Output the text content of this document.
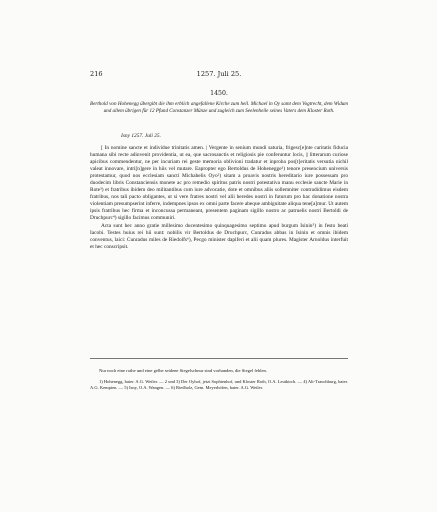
216	1257. Juli 25.
1450.
Berthold von Hohenegg übergibt die ihm erblich angefallene Kirche zum heil. Michael in Oy samt dem Vogtrecht, dem Widum und allem übrigen für 12 Pfund Constanzer Münze und zugleich zum Seelenheile seines Vaters dem Kloster Roth.
Isny 1257. Juli 25.

[ In nomine sancte et individue trinitatis amen. | Vergente in senium mundi saturia, frigesc[e]nte caritatis fiducia humana sibi recte adinvenit providentia, ut ea, que sacrosanctis et religiosis pie conferuntur locis, || litterarum curiose apicibus commendentur, ne per incuriam rei geste memoria oblivioni tradatur et inproba pos[t]eritatis versutia nichil valeat innovare, intri[n]gere in hiis vel mutare. Eapropter ego Bertoldus de Hohenegge¹) tenore presencium universis protestamur, quod nos ecclesiam sancti Michahelis Oyo²) sitam a proavis nostris hereditario iure possessam pro duodecim libris Constanciensis monete ac pro remedio spiritus patris nostri potestativa manu ecclesie sancte Marie in Rote³) et fratribus ibidem deo militantibus cum iure advocatie, dote et omnibus aliis sollemniter contradidimus eisdem fratribus, nos tali pacto obligantes, ut si vere fratres nostri vel alii heredes nostri in futurum pro hac donatione nostra violentiam presumpserint inferre, indempnes ipsos ex omni parte facere abeque ambiguitate aliqua tene[a]mur. Ut autem ipsis fratribus hec firma et inconcussa permaneant, presentem paginam sigillo nostro ac patruelis nostri Bertoldi de Druchpurc⁴) sigillo facimus communiri.

Acta sunt hec anno gratie millesimo ducentesimo quinquagesimo septimo apud burgum Isinin⁵) in festo beati Iacobi. Testes huius rei hii sunt: nobilis vir Bertoldus de Druchpurc, Cunradus abbas in Isinin et omnis ibidem conventus, laici: Cunradus miles de Riedolfs⁶), Pecgo minister dapiferi et alii quam plures. Magister Arnoldus interfuit et hec conscripsit.

Nur noch eine rothe und eine gelbe seidene Siegelschnur sind vorhanden, die Siegel fehlen.
1) Hohenegg, baier. A.G. Weiler. — 2 und 3) Der Oyhof, jetzt Sophienhof, und Kloster Roth, O.A. Leutkirch. — 4) Alt-Trauchburg, baier. A.G. Kempten. — 5) Isny, O.A. Wangen. — 6) Riedholz, Gem. Meyerhöfen, baier. A.G. Weiler.
